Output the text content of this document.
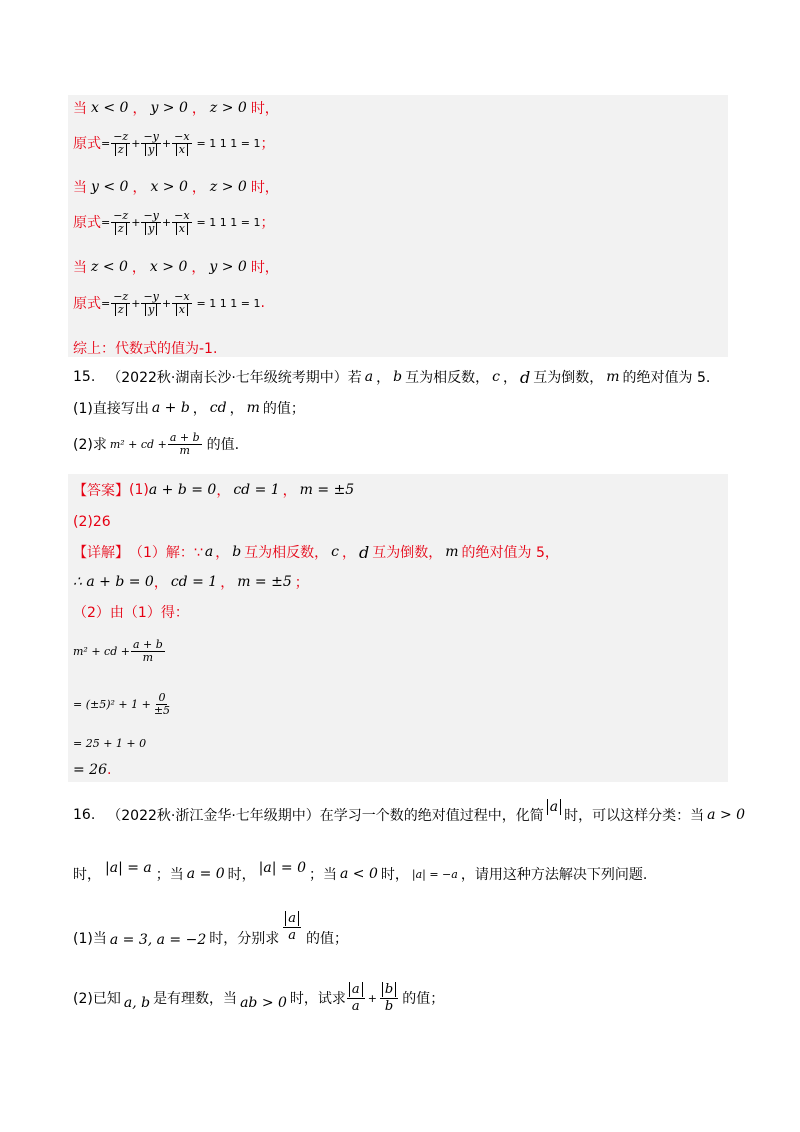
当 x < 0 ， y > 0 ， z > 0 时，
原式 = $\frac{-z}{z} + \frac{-y}{y} + \frac{-x}{x} = 1$ 1 1 = 1 ；
当 y < 0 ， x > 0 ， z > 0 时，
原式 = $\frac{-z}{z} + \frac{-y}{y} + \frac{-x}{x} = 1$ 1 1 = 1 ；
当 z < 0 ， x > 0 ， y > 0 时，
原式 = $\frac{-z}{z} + \frac{-y}{y} + \frac{-x}{x} = 1$ 1 1 = 1 .
综上：代数式的值为-1.
15. （2022秋·湖南长沙·七年级统考期中）若 a ， b 互为相反数， c ， d 互为倒数， m 的绝对值为 5.
(1)直接写出 a + b ， cd ， m 的值；
(2)求 m² + cd + $\frac{a + b}{m}$ 的值.
【答案】 (1) a + b = 0 ， cd = 1 ， m = ±5
(2)26
【详解】 （1）解：∵ a ， b 互为相反数， c ， d 互为倒数， m 的绝对值为 5，
∴ a + b = 0 ， cd = 1 ， m = ±5 ；
（2）由（1）得：
m² + cd + $\frac{a + b}{m}$
= $(\pm 5)^2 + 1 + \frac{0}{\pm 5}$
= 25 + 1 + 0
= 26 .
16. （2022秋·浙江金华·七年级期中）在学习一个数的绝对值过程中，化简
a
时，可以这样分类：当 a > 0
时， |a| = a ；当 a = 0 时， |a| = 0 ；当 a < 0 时， |a| = −a ，请用这种方法解决下列问题.
(1)当 a = 3, a = −2 时，分别求 $\frac{a}{a}$ 的值；
(2)已知 a, b 是有理数，当 ab > 0 时，试求 $\frac{a}{a} + \frac{b}{b}$ 的值；
